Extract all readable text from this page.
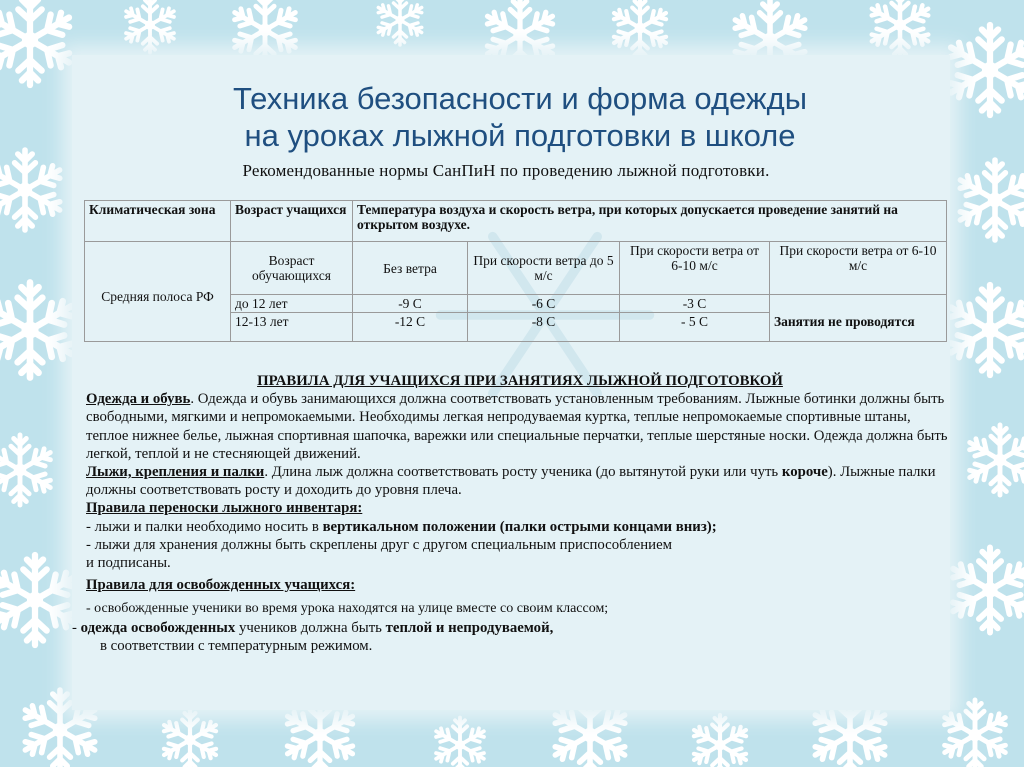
Техника безопасности и форма одежды
на уроках лыжной подготовки в школе
Рекомендованные нормы СанПиН по проведению лыжной подготовки.
Климатическая зона	Возраст учащихся	Температура воздуха и скорость ветра, при которых допускается проведение занятий на открытом воздухе.			
Средняя полоса РФ	Возраст обучающихся	Без ветра	При скорости ветра до 5 м/с	При скорости ветра от 6-10 м/с	При скорости ветра от 6-10 м/с
	до 12 лет	-9 С	-6 С	-3 С	Занятия не проводятся
	12-13 лет	-12 С	-8 С	- 5 С	

ПРАВИЛА ДЛЯ УЧАЩИХСЯ ПРИ ЗАНЯТИЯХ ЛЫЖНОЙ ПОДГОТОВКОЙ

Одежда и обувь. Одежда и обувь занимающихся должна соответствовать установленным требованиям. Лыжные ботинки должны быть свободными, мягкими и непромокаемыми. Необходимы легкая непродуваемая куртка, теплые непромокаемые спортивные штаны, теплое нижнее белье, лыжная спортивная шапочка, варежки или специальные перчатки, теплые шерстяные носки. Одежда должна быть легкой, теплой и не стесняющей движений.

Лыжи, крепления и палки. Длина лыж должна соответствовать росту ученика (до вытянутой руки или чуть короче). Лыжные палки должны соответствовать росту и доходить до уровня плеча.

Правила переноски лыжного инвентаря:

- лыжи и палки необходимо носить в вертикальном положении (палки острыми концами вниз);

- лыжи для хранения должны быть скреплены друг с другом специальным приспособлением

и подписаны.

Правила для освобожденных учащихся:

- освобожденные ученики во время урока находятся на улице вместе со своим классом;

- одежда освобожденных учеников должна быть теплой и непродуваемой,

в соответствии с температурным режимом.
